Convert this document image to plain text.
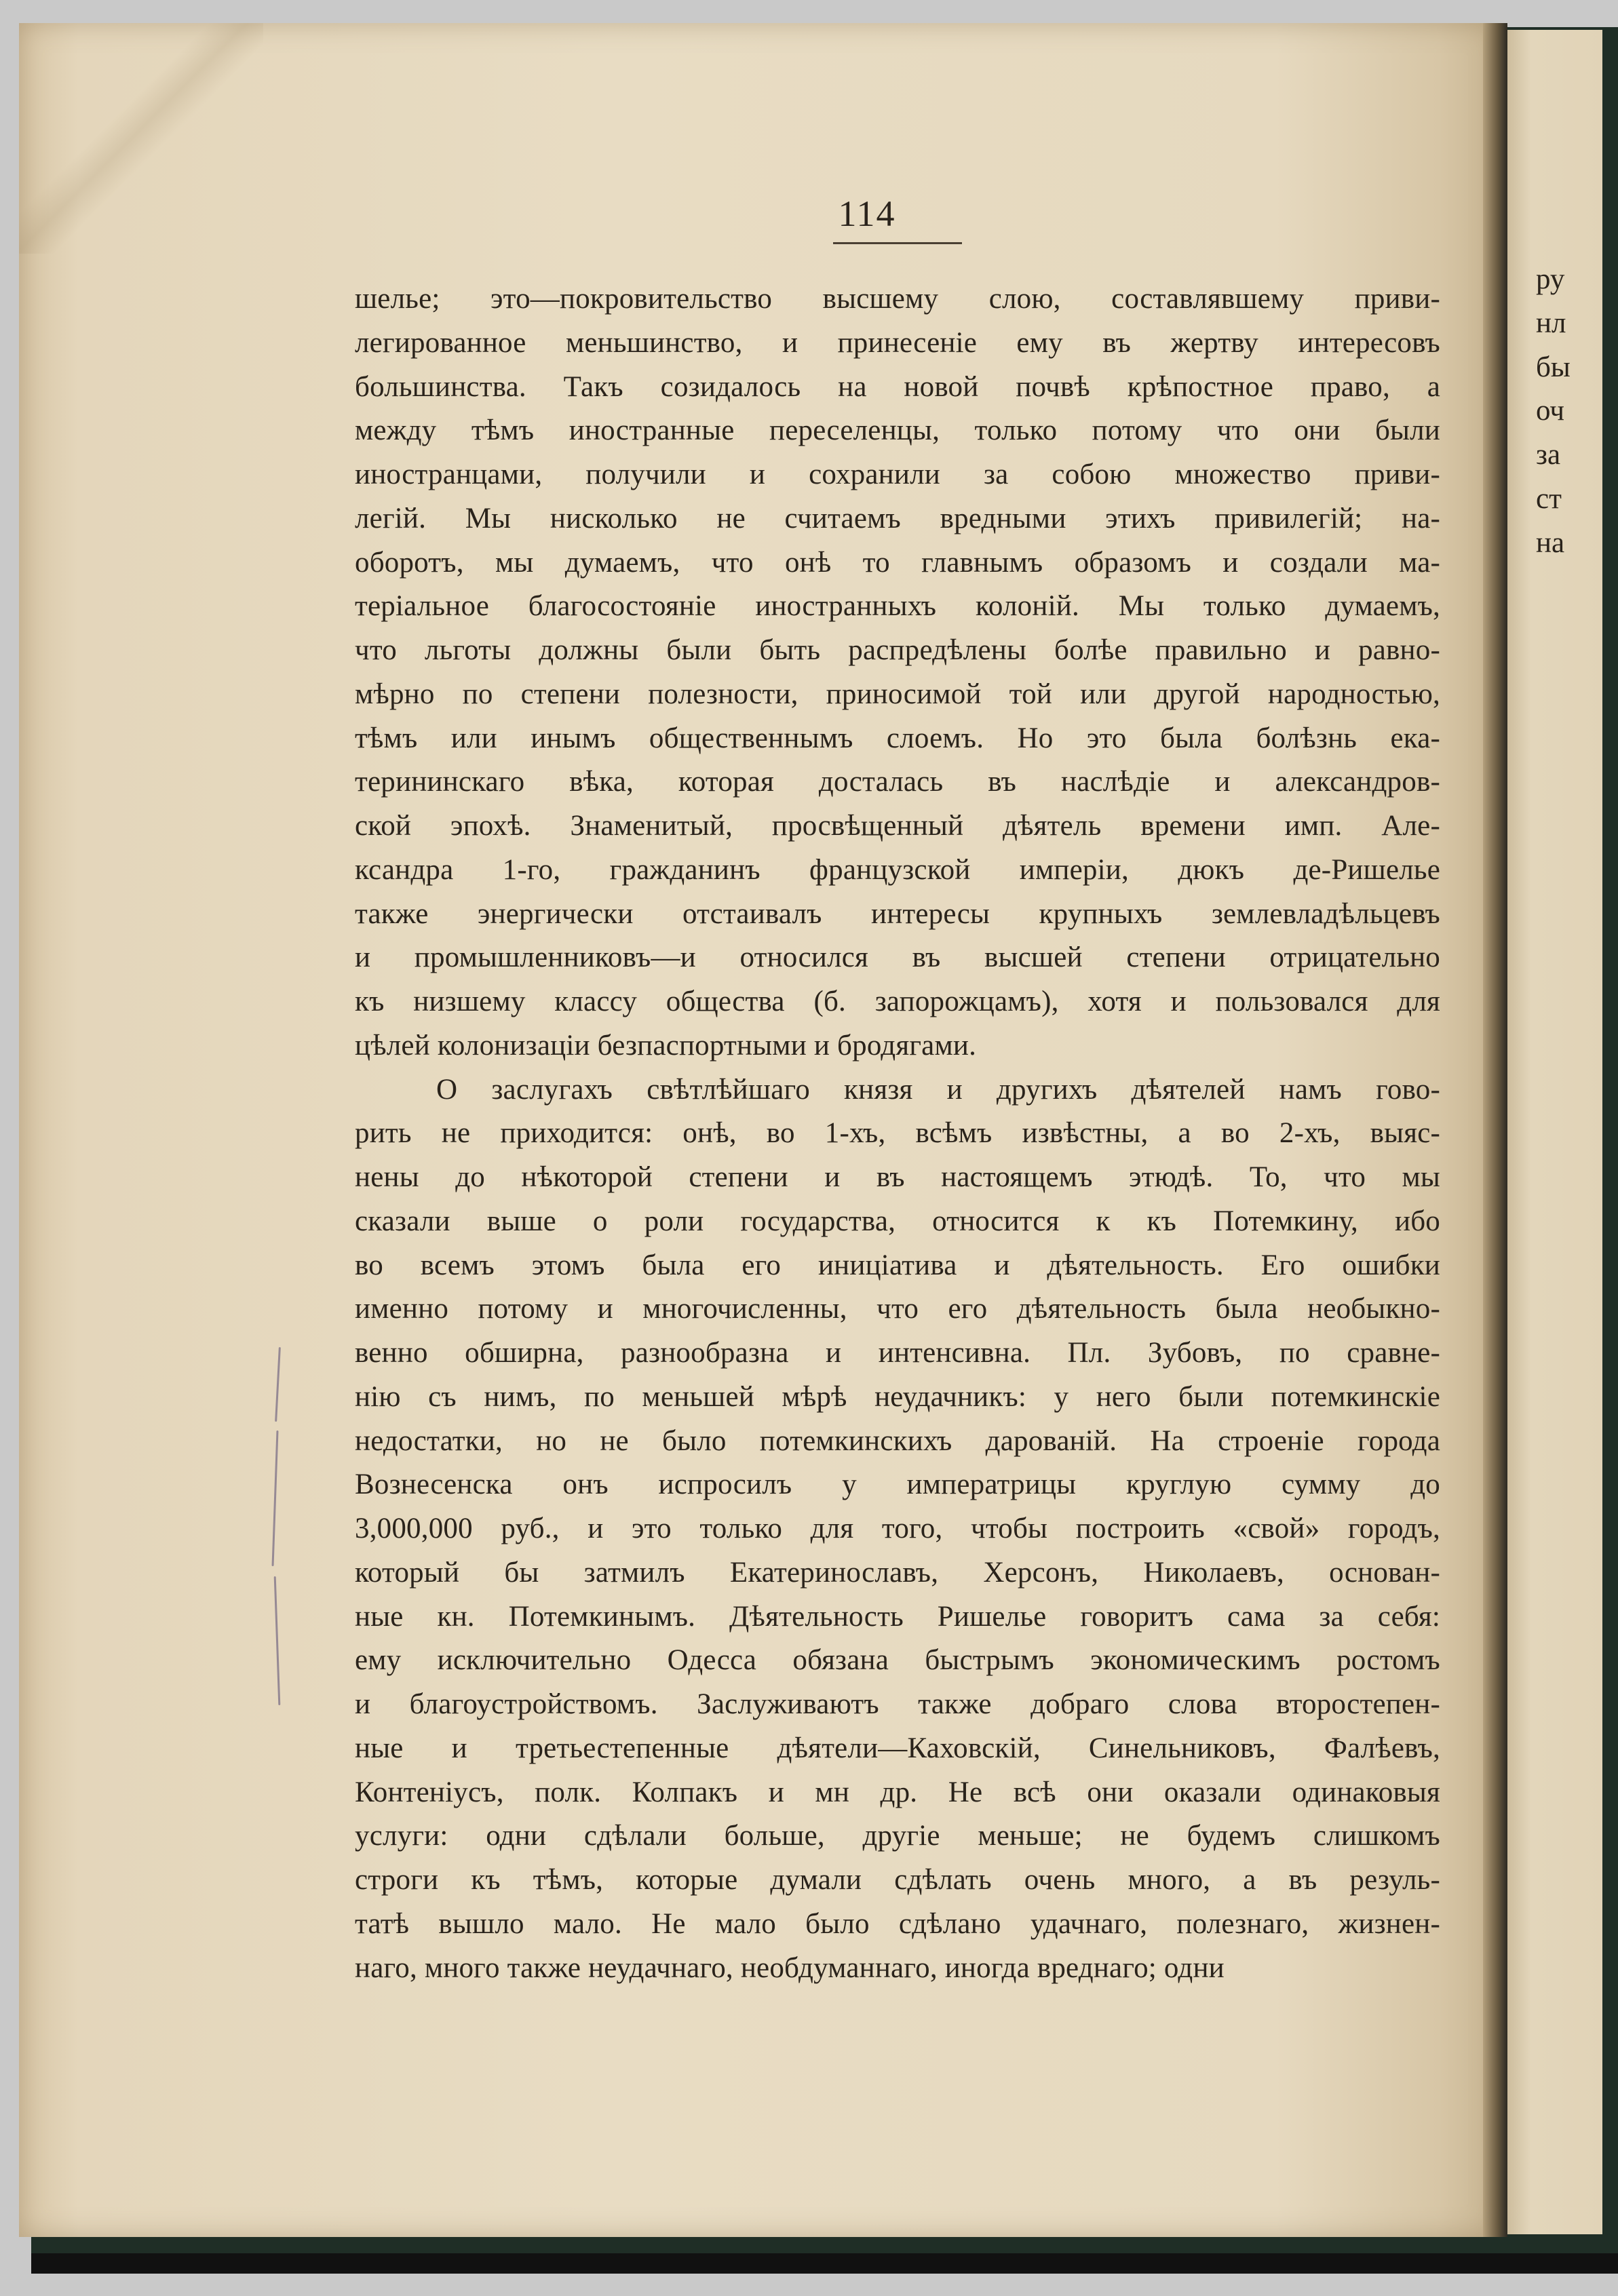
114
шелье; это—покровительство высшему слою, составлявшему приви-
легированное меньшинство, и принесеніе ему въ жертву интересовъ
большинства. Такъ созидалось на новой почвѣ крѣпостное право, а
между тѣмъ иностранные переселенцы, только потому что они были
иностранцами, получили и сохранили за собою множество приви-
легій. Мы нисколько не считаемъ вредными этихъ привилегій; на-
оборотъ, мы думаемъ, что онѣ то главнымъ образомъ и создали ма-
теріальное благосостояніе иностранныхъ колоній. Мы только думаемъ,
что льготы должны были быть распредѣлены болѣе правильно и равно-
мѣрно по степени полезности, приносимой той или другой народностью,
тѣмъ или инымъ общественнымъ слоемъ. Но это была болѣзнь ека-
терининскаго вѣка, которая досталась въ наслѣдіе и александров-
ской эпохѣ. Знаменитый, просвѣщенный дѣятель времени имп. Але-
ксандра 1-го, гражданинъ французской имперіи, дюкъ де-Ришелье
также энергически отстаивалъ интересы крупныхъ землевладѣльцевъ
и промышленниковъ—и относился въ высшей степени отрицательно
къ низшему классу общества (б. запорожцамъ), хотя и пользовался для
цѣлей колонизаціи безпаспортными и бродягами.
О заслугахъ свѣтлѣйшаго князя и другихъ дѣятелей намъ гово-
рить не приходится: онѣ, во 1-хъ, всѣмъ извѣстны, а во 2-хъ, выяс-
нены до нѣкоторой степени и въ настоящемъ этюдѣ. То, что мы
сказали выше о роли государства, относится к къ Потемкину, ибо
во всемъ этомъ была его иниціатива и дѣятельность. Его ошибки
именно потому и многочисленны, что его дѣятельность была необыкно-
венно обширна, разнообразна и интенсивна. Пл. Зубовъ, по сравне-
нію съ нимъ, по меньшей мѣрѣ неудачникъ: у него были потемкинскіе
недостатки, но не было потемкинскихъ дарованій. На строеніе города
Вознесенска онъ испросилъ у императрицы круглую сумму до
3,000,000 руб., и это только для того, чтобы построить «свой» городъ,
который бы затмилъ Екатеринославъ, Херсонъ, Николаевъ, основан-
ные кн. Потемкинымъ. Дѣятельность Ришелье говоритъ сама за себя:
ему исключительно Одесса обязана быстрымъ экономическимъ ростомъ
и благоустройствомъ. Заслуживаютъ также добраго слова второстепен-
ные и третьестепенные дѣятели—Каховскій, Синельниковъ, Фалѣевъ,
Контеніусъ, полк. Колпакъ и мн др. Не всѣ они оказали одинаковыя
услуги: одни сдѣлали больше, другіе меньше; не будемъ слишкомъ
строги къ тѣмъ, которые думали сдѣлать очень много, а въ резуль-
татѣ вышло мало. Не мало было сдѣлано удачнаго, полезнаго, жизнен-
наго, много также неудачнаго, необдуманнаго, иногда вреднаго; одни
ру
нл
бы
оч
за
ст
на
